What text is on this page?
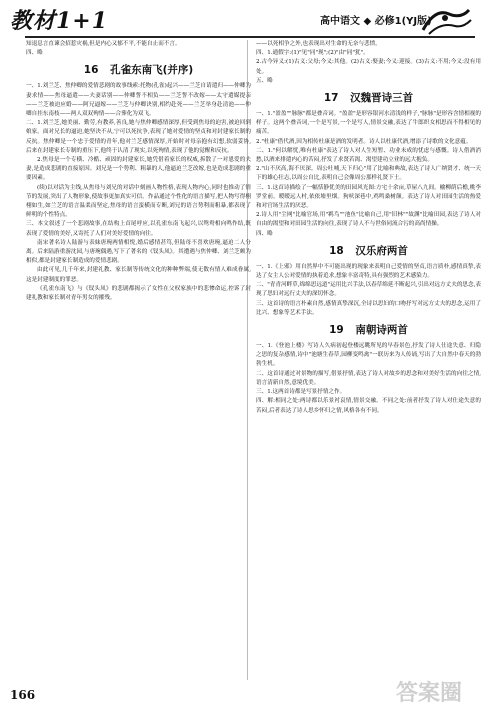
教材1+1	高中语文 ◆ 必修1(YJ版)

知退息言直谏会招惹灾祸,但是内心又郁不平,不能自止而不言。

四、略

16 孔雀东南飞(并序)

一、1.刘兰芝、焦仲卿的爱情悲剧的故事线索:托物(孔雀)起兴——兰芝自请遣归——仲卿为妻求情——焦母逼遣——夫妻话别——仲卿誓不相负——兰芝誓不改嫁——太守遣媒提亲——兰芝被迫应婚——阿兄逼嫁——兰芝与仲卿诀别,相约赴死——兰芝举身赴清池——仲卿自挂东南枝——两人双双殉情——合葬化为双飞。

二、1.刘兰芝,她美丽、勤劳,有教养,善良,她与焦仲卿感情深厚,但受到焦母的迫害,被迫回到娘家。面对兄长的逼迫,她坚决不从,宁可以死抗争,表现了她对爱情的坚贞和对封建家长制的反抗。焦仲卿是一个忠于爱情的青年,他对兰芝感情深厚,开始时对母亲抱有幻想,软弱妥协,后来在封建家长专制的重压下,他终于认清了现实,以死殉情,表现了他的觉醒和反抗。

2.焦母是一个专横、冷酷、顽固的封建家长,她凭借着家长的权威,拆散了一对恩爱的夫妻,是造成悲剧的直接原因。刘兄是一个势利、粗暴的人,他逼迫兰芝改嫁,也是造成悲剧的重要因素。

(续)以对话为主线,从焦母与刘兄的对话中刻画人物性格,表现人物内心,同时也推动了情节的发展,突出了人物形象,使故事更加真实可信。作品通过个性化的语言描写,把人物写得栩栩如生,如兰芝的语言温柔而坚定,焦母的语言蛮横而专断,刘兄的语言势利而粗暴,都表现了鲜明的个性特点。

三、本文叙述了一个悲剧故事,在结构上首尾呼应,以孔雀东南飞起兴,以鸳鸯相向鸣作结,既表现了爱情的美好,又寄托了人们对美好爱情的向往。

南宋著名诗人陆游与表妹唐琬两情相悦,婚后感情甚笃,但陆母不喜欢唐琬,逼迫二人分离。后来陆游重游沈园,与唐琬偶遇,写下了著名的《钗头凤》。其遭遇与焦仲卿、刘兰芝颇为相似,都是封建家长制造成的爱情悲剧。

由此可见,几千年来,封建礼教、家长制等传统文化的种种弊端,使无数有情人难成眷属,这是封建制度的罪恶。

《孔雀东南飞》与《钗头凤》的悲剧都揭示了女性在父权家族中的悲惨命运,控诉了封建礼教和家长制对青年男女的摧残。

——以死相争之外,也表现出对生命的无奈与悲愤。

四、1.通假字:(1)"见"同"现";(2)"由"同"犹"。

2.古今异义:(1)古义:父母;今义:其他。(2)古义:娶妻;今义:迎接。(3)古义:不用;今义:没有用处。

五、略

17 汉魏晋诗三首

一、1."盈盈""脉脉"都是叠音词。"盈盈"是形容银河水清浅的样子,"脉脉"是形容含情相视的样子。这两个叠音词,一个是写景,一个是写人,情景交融,表达了牛郎织女相思而不得相见的痛苦。

2."杜康"借代酒,因为相传杜康是酒的发明者。诗人以杜康代酒,增添了诗歌的文化意蕴。

二、1."何以解忧,唯有杜康"表达了诗人对人生短暂、功业未成的忧虑与感慨。诗人借酒消愁,以酒来排遣内心的苦闷,抒发了求贤若渴、渴望建功立业的远大抱负。

2."山不厌高,海不厌深。周公吐哺,天下归心"用了比喻和典故,表达了诗人广纳贤才、统一天下的雄心壮志,以周公自比,表明自己会像周公那样礼贤下士。

三、1.这首诗描绘了一幅恬静优美的田园风光图:方宅十余亩,草屋八九间。榆柳荫后檐,桃李罗堂前。暧暧远人村,依依墟里烟。狗吠深巷中,鸡鸣桑树颠。表达了诗人对田园生活的热爱和对官场生活的厌恶。

2.诗人用"尘网"比喻官场,用"羁鸟""池鱼"比喻自己,用"旧林""故渊"比喻田园,表达了诗人对自由的渴望和对田园生活的向往,表现了诗人不与世俗同流合污的高尚情操。

四、略

18 汉乐府两首

一、1.《上邪》用自然界中不可能出现的现象来表明自己爱情的坚贞,语言质朴,感情真挚,表达了女主人公对爱情的执着追求,想象丰富奇特,具有强烈的艺术感染力。

二、"青青河畔草,绵绵思远道"运用比兴手法,以春草绵延不断起兴,引出对远方丈夫的思念,表现了思妇对远行丈夫的深切怀念。

三、这首诗的语言朴素自然,感情真挚深沉,全诗以思妇的口吻抒写对远方丈夫的思念,运用了比兴、想象等艺术手法。

19 南朝诗两首

一、1.《登池上楼》写诗人久病初起登楼远眺所见的早春景色,抒发了诗人仕途失意、归隐之思的复杂感情,诗中"池塘生春草,园柳变鸣禽"一联历来为人传诵,写出了大自然中春天的勃勃生机。

二、这首诗通过对景物的描写,借景抒情,表达了诗人对故乡的思念和对美好生活的向往之情,语言清新自然,意境优美。

三、1.这两首诗都是写景抒情之作。

四、解:相同之处:两诗都以乐景衬哀情,情景交融。不同之处:前者抒发了诗人对仕途失意的苦闷,后者表达了诗人思乡怀归之情,风格各有不同。

166	答案圈
